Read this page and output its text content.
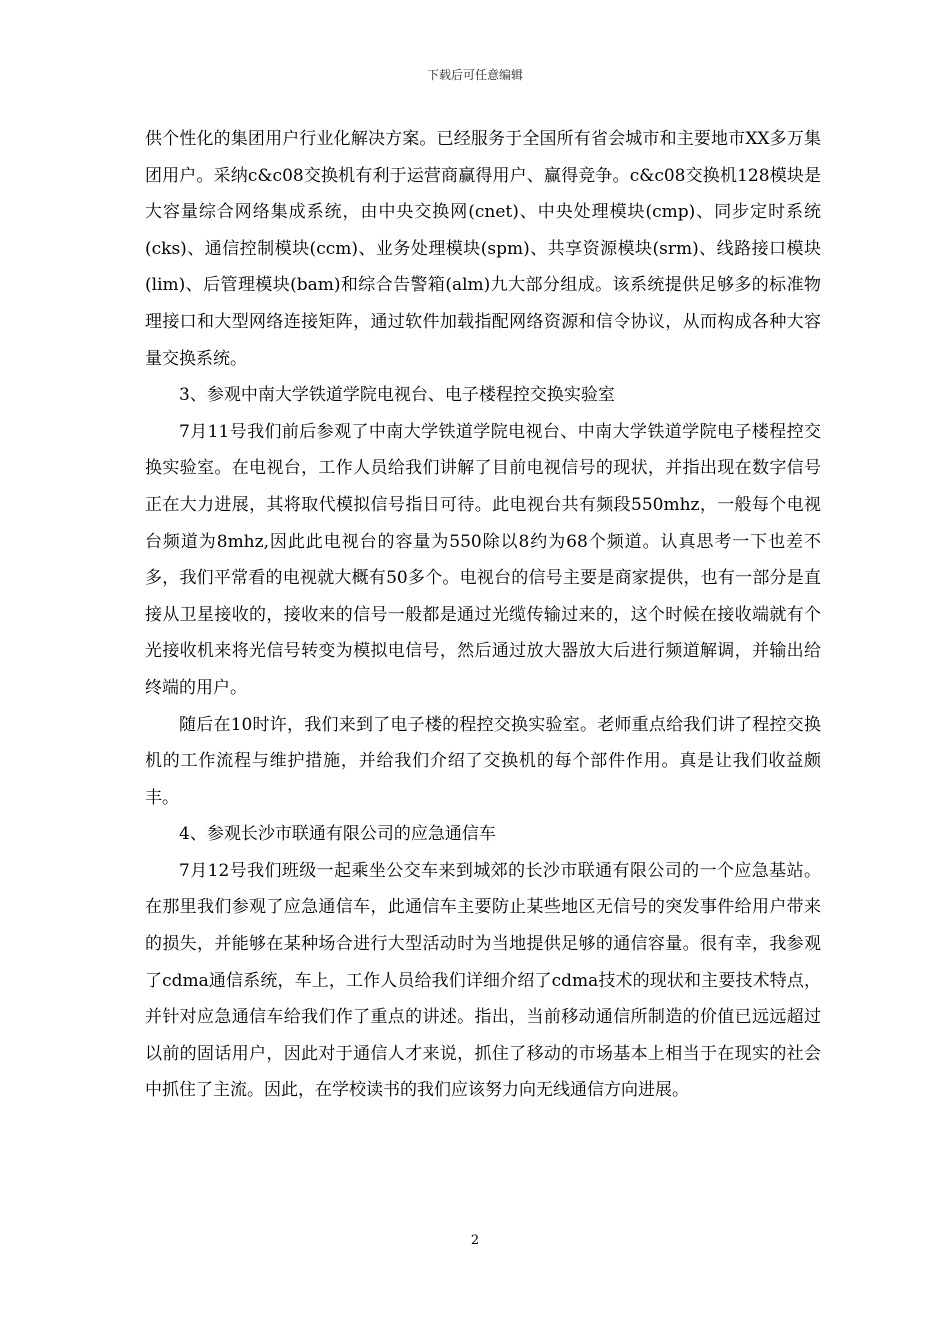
下载后可任意编辑

供个性化的集团用户行业化解决方案。已经服务于全国所有省会城市和主要地市XX多万集团用户。采纳c&c08交换机有利于运营商赢得用户、赢得竞争。c&c08交换机128模块是大容量综合网络集成系统，由中央交换网(cnet)、中央处理模块(cmp)、同步定时系统(cks)、通信控制模块(ccm)、业务处理模块(spm)、共享资源模块(srm)、线路接口模块(lim)、后管理模块(bam)和综合告警箱(alm)九大部分组成。该系统提供足够多的标准物理接口和大型网络连接矩阵，通过软件加载指配网络资源和信令协议，从而构成各种大容量交换系统。

3、参观中南大学铁道学院电视台、电子楼程控交换实验室

7月11号我们前后参观了中南大学铁道学院电视台、中南大学铁道学院电子楼程控交换实验室。在电视台，工作人员给我们讲解了目前电视信号的现状，并指出现在数字信号正在大力进展，其将取代模拟信号指日可待。此电视台共有频段550mhz，一般每个电视台频道为8mhz,因此此电视台的容量为550除以8约为68个频道。认真思考一下也差不多，我们平常看的电视就大概有50多个。电视台的信号主要是商家提供，也有一部分是直接从卫星接收的，接收来的信号一般都是通过光缆传输过来的，这个时候在接收端就有个光接收机来将光信号转变为模拟电信号，然后通过放大器放大后进行频道解调，并输出给终端的用户。

随后在10时许，我们来到了电子楼的程控交换实验室。老师重点给我们讲了程控交换机的工作流程与维护措施，并给我们介绍了交换机的每个部件作用。真是让我们收益颇丰。

4、参观长沙市联通有限公司的应急通信车

7月12号我们班级一起乘坐公交车来到城郊的长沙市联通有限公司的一个应急基站。在那里我们参观了应急通信车，此通信车主要防止某些地区无信号的突发事件给用户带来的损失，并能够在某种场合进行大型活动时为当地提供足够的通信容量。很有幸，我参观了cdma通信系统，车上，工作人员给我们详细介绍了cdma技术的现状和主要技术特点，并针对应急通信车给我们作了重点的讲述。指出，当前移动通信所制造的价值已远远超过以前的固话用户，因此对于通信人才来说，抓住了移动的市场基本上相当于在现实的社会中抓住了主流。因此，在学校读书的我们应该努力向无线通信方向进展。

2
